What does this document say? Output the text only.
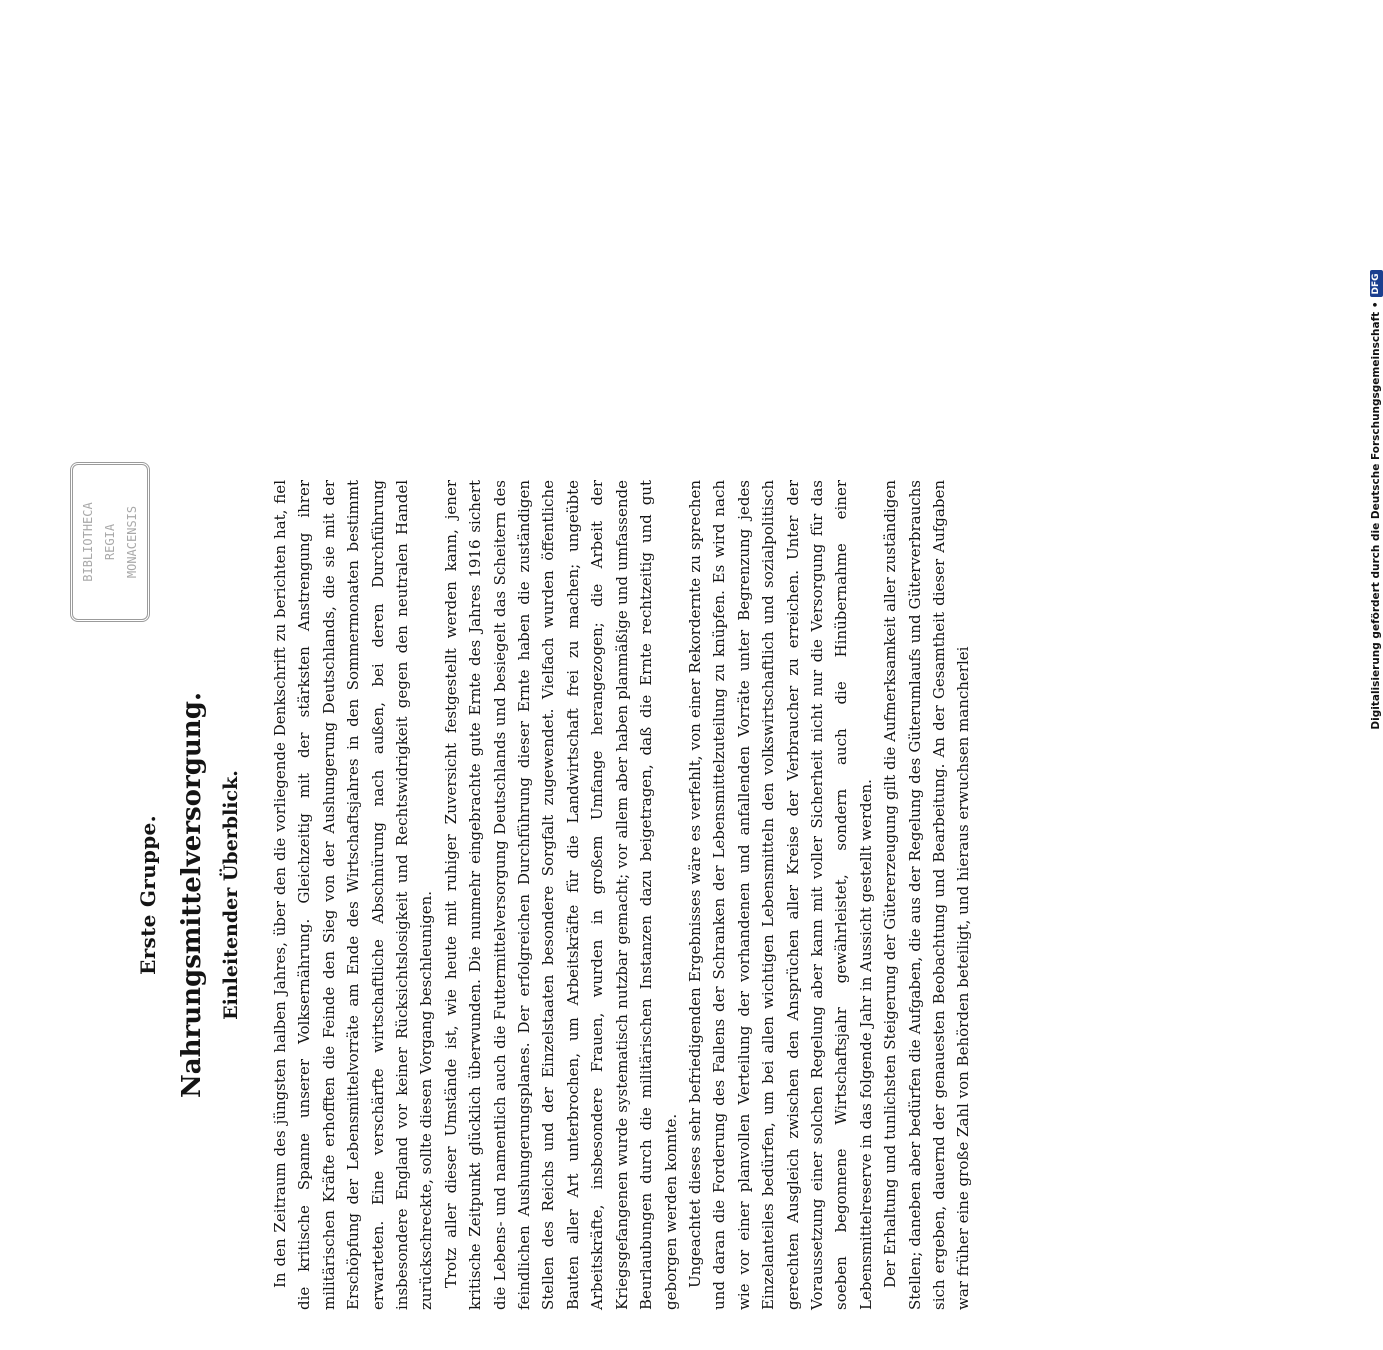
BIBLIOTHECA REGIA MONACENSIS
Erste Gruppe. Nahrungsmittelversorgung. Einleitender Überblick. In den Zeitraum des jüngsten halben Jahres, über den die vorliegende Denkschrift zu berichten hat, fiel die kritische Spanne unserer Volksernährung. Gleichzeitig mit der stärksten Anstrengung ihrer militärischen Kräfte erhofften die Feinde den Sieg von der Aushungerung Deutschlands, die sie mit der Erschöpfung der Lebensmittelvorräte am Ende des Wirtschaftsjahres in den Sommermonaten bestimmt erwarteten. Eine verschärfte wirtschaftliche Abschnürung nach außen, bei deren Durchführung insbesondere England vor keiner Rücksichtslosigkeit und Rechtswidrigkeit gegen den neutralen Handel zurückschreckte, sollte diesen Vorgang beschleunigen. Trotz aller dieser Umstände ist, wie heute mit ruhiger Zuversicht festgestellt werden kann, jener kritische Zeitpunkt glücklich überwunden. Die nunmehr eingebrachte gute Ernte des Jahres 1916 sichert die Lebens- und namentlich auch die Futtermittelversorgung Deutschlands und besiegelt das Scheitern des feindlichen Aushungerungsplanes. Der erfolgreichen Durchführung dieser Ernte haben die zuständigen Stellen des Reichs und der Einzelstaaten besondere Sorgfalt zugewendet. Vielfach wurden öffentliche Bauten aller Art unterbrochen, um Arbeitskräfte für die Landwirtschaft frei zu machen; ungeübte Arbeitskräfte, insbesondere Frauen, wurden in großem Umfange herangezogen; die Arbeit der Kriegsgefangenen wurde systematisch nutzbar gemacht; vor allem aber haben planmäßige und umfassende Beurlaubungen durch die militärischen Instanzen dazu beigetragen, daß die Ernte rechtzeitig und gut geborgen werden konnte. Ungeachtet dieses sehr befriedigenden Ergebnisses wäre es verfehlt, von einer Rekordernte zu sprechen und daran die Forderung des Fallens der Schranken der Lebensmittelzuteilung zu knüpfen. Es wird nach wie vor einer planvollen Verteilung der vorhandenen und anfallenden Vorräte unter Begrenzung jedes Einzelanteiles bedürfen, um bei allen wichtigen Lebensmitteln den volkswirtschaftlich und sozialpolitisch gerechten Ausgleich zwischen den Ansprüchen aller Kreise der Verbraucher zu erreichen. Unter der Voraussetzung einer solchen Regelung aber kann mit voller Sicherheit nicht nur die Versorgung für das soeben begonnene Wirtschaftsjahr gewährleistet, sondern auch die Hinübernahme einer Lebensmittelreserve in das folgende Jahr in Aussicht gestellt werden. Der Erhaltung und tunlichsten Steigerung der Gütererzeugung gilt die Aufmerksamkeit aller zuständigen Stellen; daneben aber bedürfen die Aufgaben, die aus der Regelung des Güterumlaufs und Güterverbrauchs sich ergeben, dauernd der genauesten Beobachtung und Bearbeitung. An der Gesamtheit dieser Aufgaben war früher eine große Zahl von Behörden beteiligt, und hieraus erwuchsen mancherlei

Digitalisierung gefördert durch die Deutsche Forschungsgemeinschaft •
DFG
